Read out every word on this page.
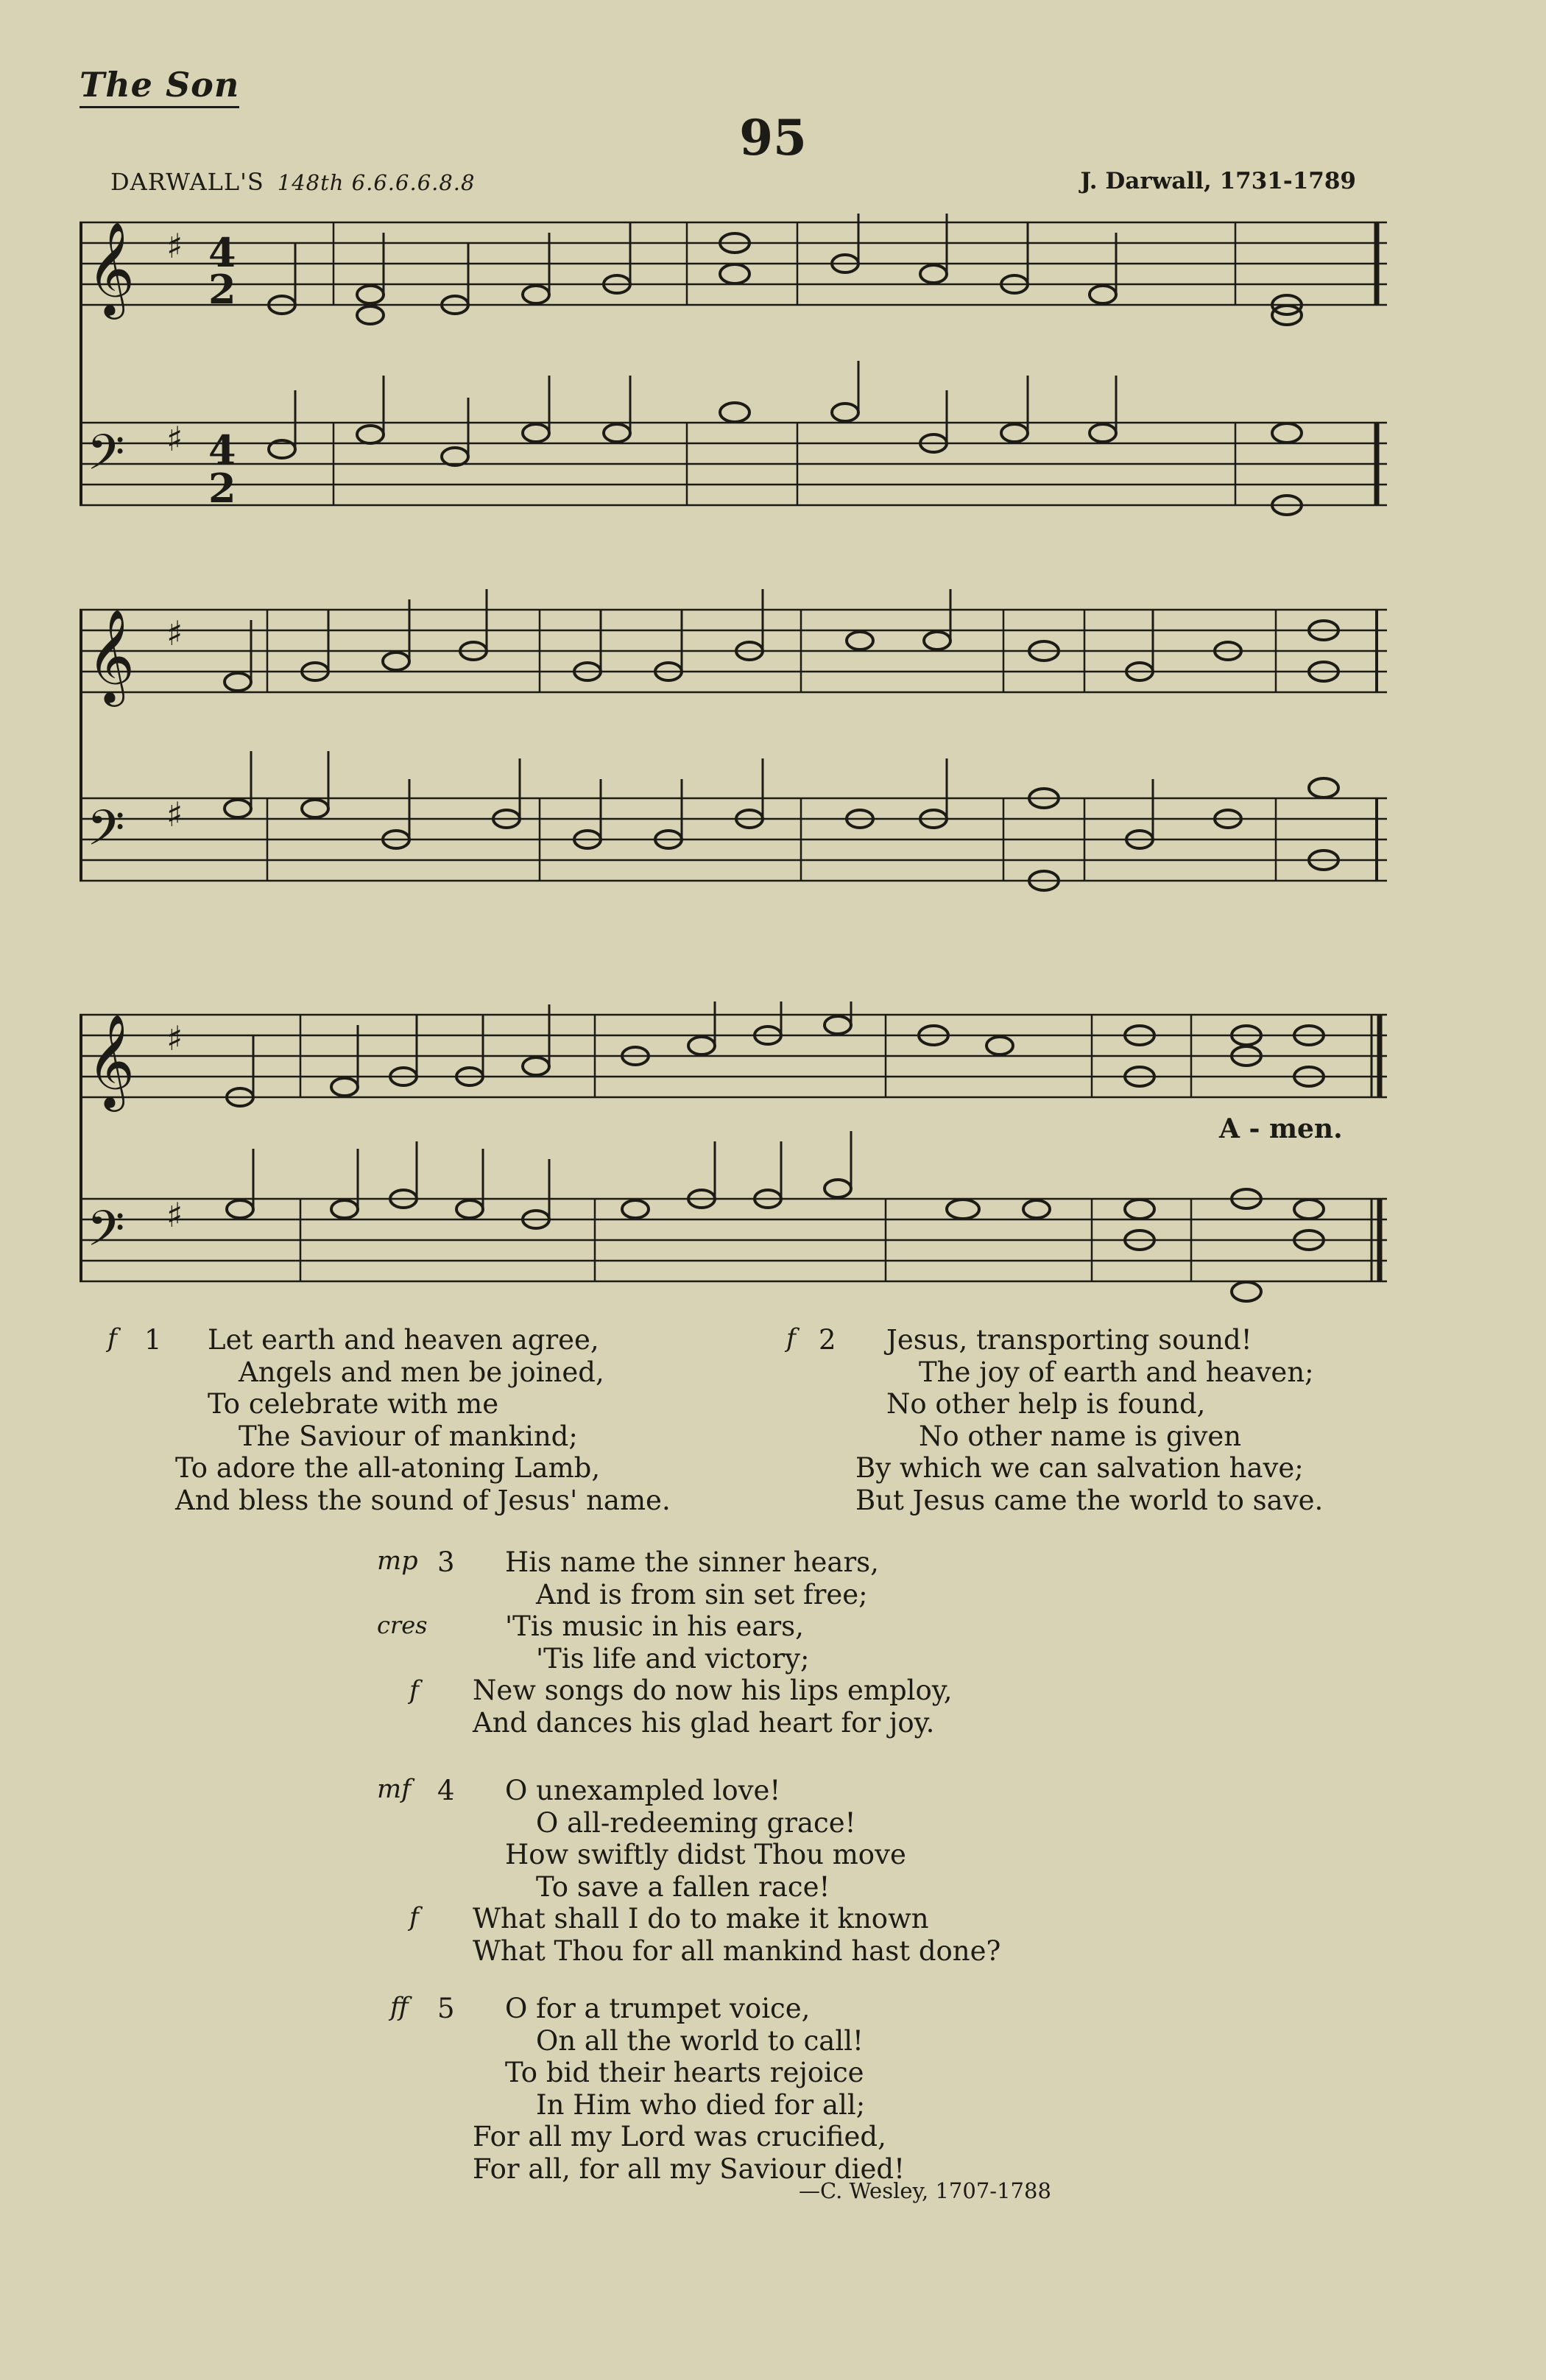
The Son
95
DARWALL'S 148th 6.6.6.6.8.8	J. Darwall, 1731-1789
𝄞
𝄢
♯
♯
4
2
4
2
𝄞
𝄢
♯
♯
𝄞
𝄢
♯
♯
A - men.
f 1	Let earth and heaven agree,
Angels and men be joined,
To celebrate with me
The Saviour of mankind;
To adore the all-atoning Lamb,
And bless the sound of Jesus' name.
f 2	Jesus, transporting sound!
The joy of earth and heaven;
No other help is found,
No other name is given
By which we can salvation have;
But Jesus came the world to save.
mp 3
cres
f
His name the sinner hears,
And is from sin set free;
'Tis music in his ears,
'Tis life and victory;
New songs do now his lips employ,
And dances his glad heart for joy.
mf 4
f
O unexampled love!
O all-redeeming grace!
How swiftly didst Thou move
To save a fallen race!
What shall I do to make it known
What Thou for all mankind hast done?
ff 5	O for a trumpet voice,
On all the world to call!
To bid their hearts rejoice
In Him who died for all;
For all my Lord was crucified,
For all, for all my Saviour died!
—C. Wesley, 1707-1788
